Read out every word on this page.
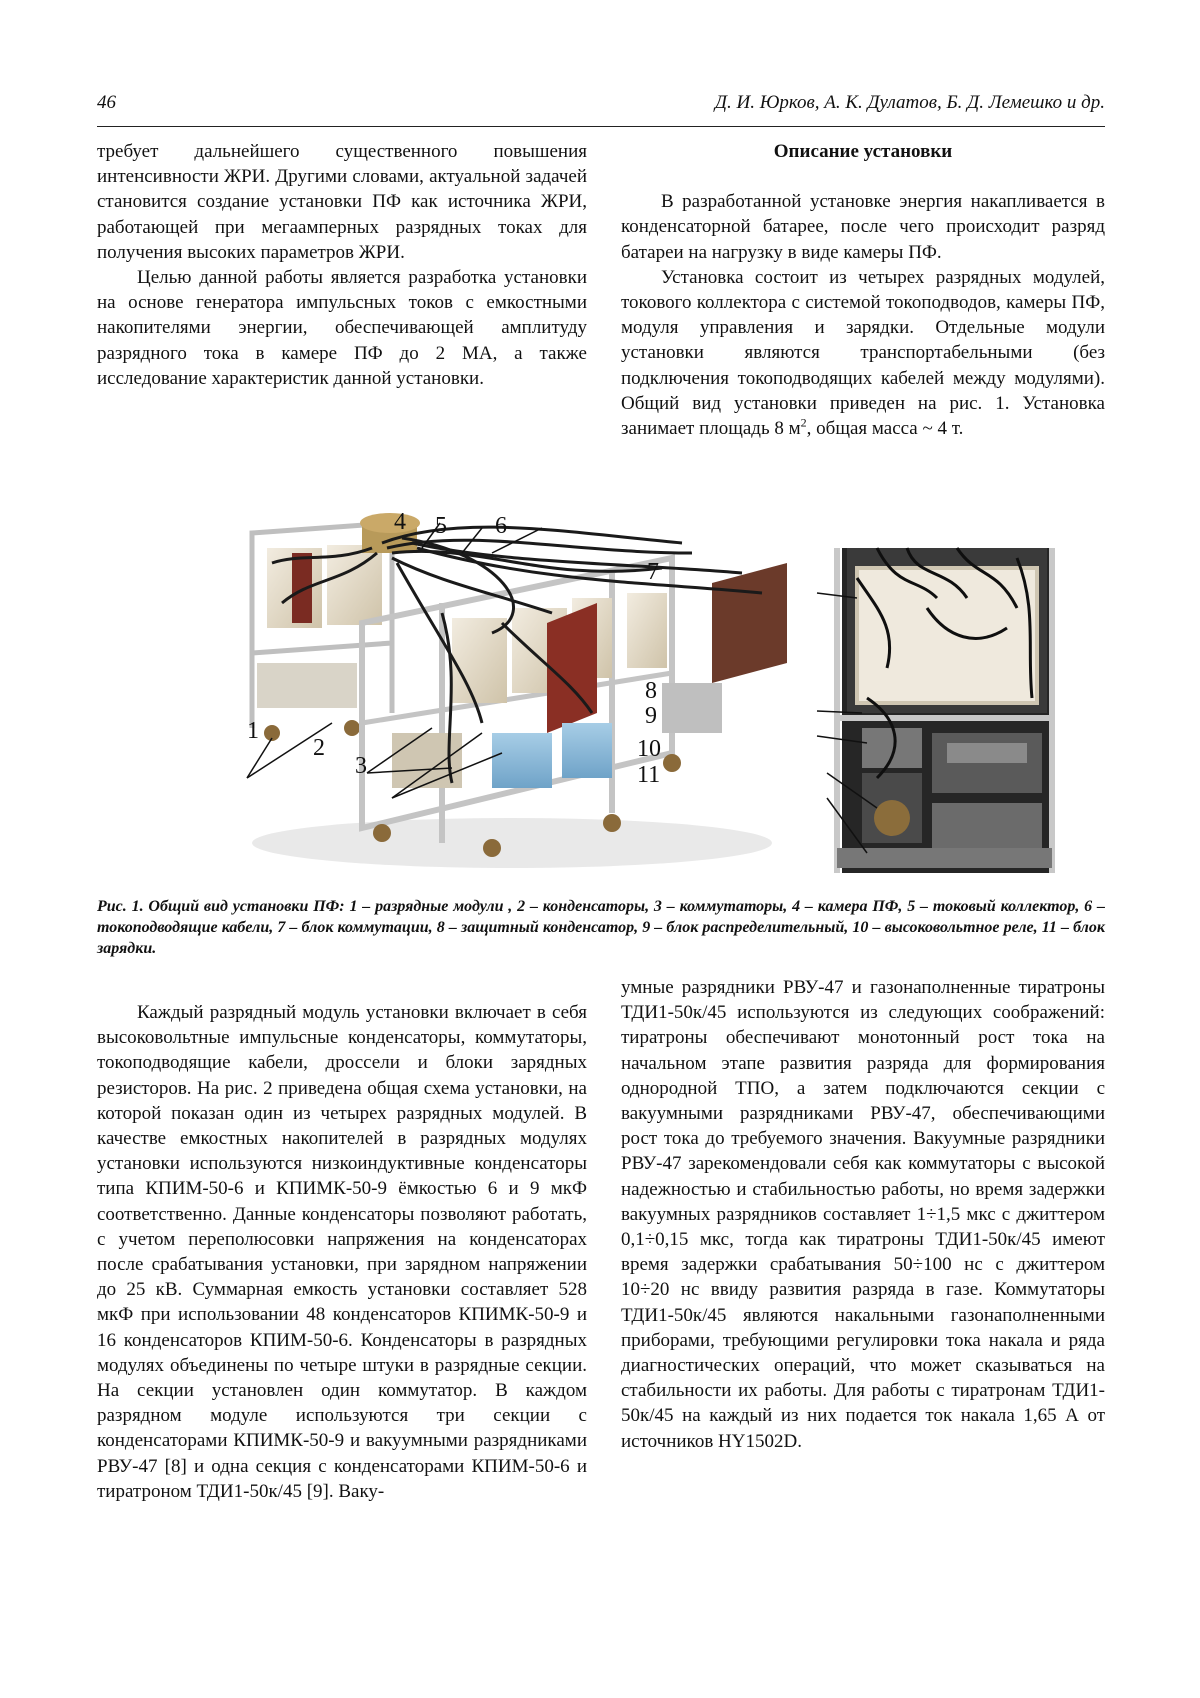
46	Д. И. Юрков, А. К. Дулатов, Б. Д. Лемешко и др.

требует дальнейшего существенного повышения интенсивности ЖРИ. Другими словами, актуальной задачей становится создание установки ПФ как источника ЖРИ, работающей при мегаамперных разрядных токах для получения высоких параметров ЖРИ.

Целью данной работы является разработка установки на основе генератора импульсных токов с емкостными накопителями энергии, обеспечивающей амплитуду разрядного тока в камере ПФ до 2 МА, а также исследование характеристик данной установки.

Описание установки

В разработанной установке энергия накапливается в конденсаторной батарее, после чего происходит разряд батареи на нагрузку в виде камеры ПФ.

Установка состоит из четырех разрядных модулей, токового коллектора с системой токоподводов, камеры ПФ, модуля управления и зарядки. Отдельные модули установки являются транспортабельными (без подключения токоподводящих кабелей между модулями). Общий вид установки приведен на рис. 1. Установка занимает площадь 8 $м^2$, общая масса ~ 4 т.

1
2
3
4 5 6
7
8
9
10
11

Рис. 1. Общий вид установки ПФ: 1 – разрядные модули , 2 – конденсаторы, 3 – коммутаторы, 4 – камера ПФ, 5 – токовый коллектор, 6 – токоподводящие кабели, 7 – блок коммутации, 8 – защитный конденсатор, 9 – блок распределительный, 10 – высоковольтное реле, 11 – блок зарядки.

Каждый разрядный модуль установки включает в себя высоковольтные импульсные конденсаторы, коммутаторы, токоподводящие кабели, дроссели и блоки зарядных резисторов. На рис. 2 приведена общая схема установки, на которой показан один из четырех разрядных модулей. В качестве емкостных накопителей в разрядных модулях установки используются низкоиндуктивные конденсаторы типа КПИМ-50-6 и КПИМК-50-9 ёмкостью 6 и 9 мкФ соответственно. Данные конденсаторы позволяют работать, с учетом переполюсовки напряжения на конденсаторах после срабатывания установки, при зарядном напряжении до 25 кВ. Суммарная емкость установки составляет 528 мкФ при использовании 48 конденсаторов КПИМК-50-9 и 16 конденсаторов КПИМ-50-6. Конденсаторы в разрядных модулях объединены по четыре штуки в разрядные секции. На секции установлен один коммутатор. В каждом разрядном модуле используются три секции с конденсаторами КПИМК-50-9 и вакуумными разрядниками РВУ-47 [8] и одна секция с конденсаторами КПИМ-50-6 и тиратроном ТДИ1-50к/45 [9]. Ваку-

умные разрядники РВУ-47 и газонаполненные тиратроны ТДИ1-50к/45 используются из следующих соображений: тиратроны обеспечивают монотонный рост тока на начальном этапе развития разряда для формирования однородной ТПО, а затем подключаются секции с вакуумными разрядниками РВУ-47, обеспечивающими рост тока до требуемого значения. Вакуумные разрядники РВУ-47 зарекомендовали себя как коммутаторы с высокой надежностью и стабильностью работы, но время задержки вакуумных разрядников составляет 1÷1,5 мкс с джиттером 0,1÷0,15 мкс, тогда как тиратроны ТДИ1-50к/45 имеют время задержки срабатывания 50÷100 нс с джиттером 10÷20 нс ввиду развития разряда в газе. Коммутаторы ТДИ1-50к/45 являются накальными газонаполненными приборами, требующими регулировки тока накала и ряда диагностических операций, что может сказываться на стабильности их работы. Для работы с тиратронам ТДИ1-50к/45 на каждый из них подается ток накала 1,65 А от источников HY1502D.
